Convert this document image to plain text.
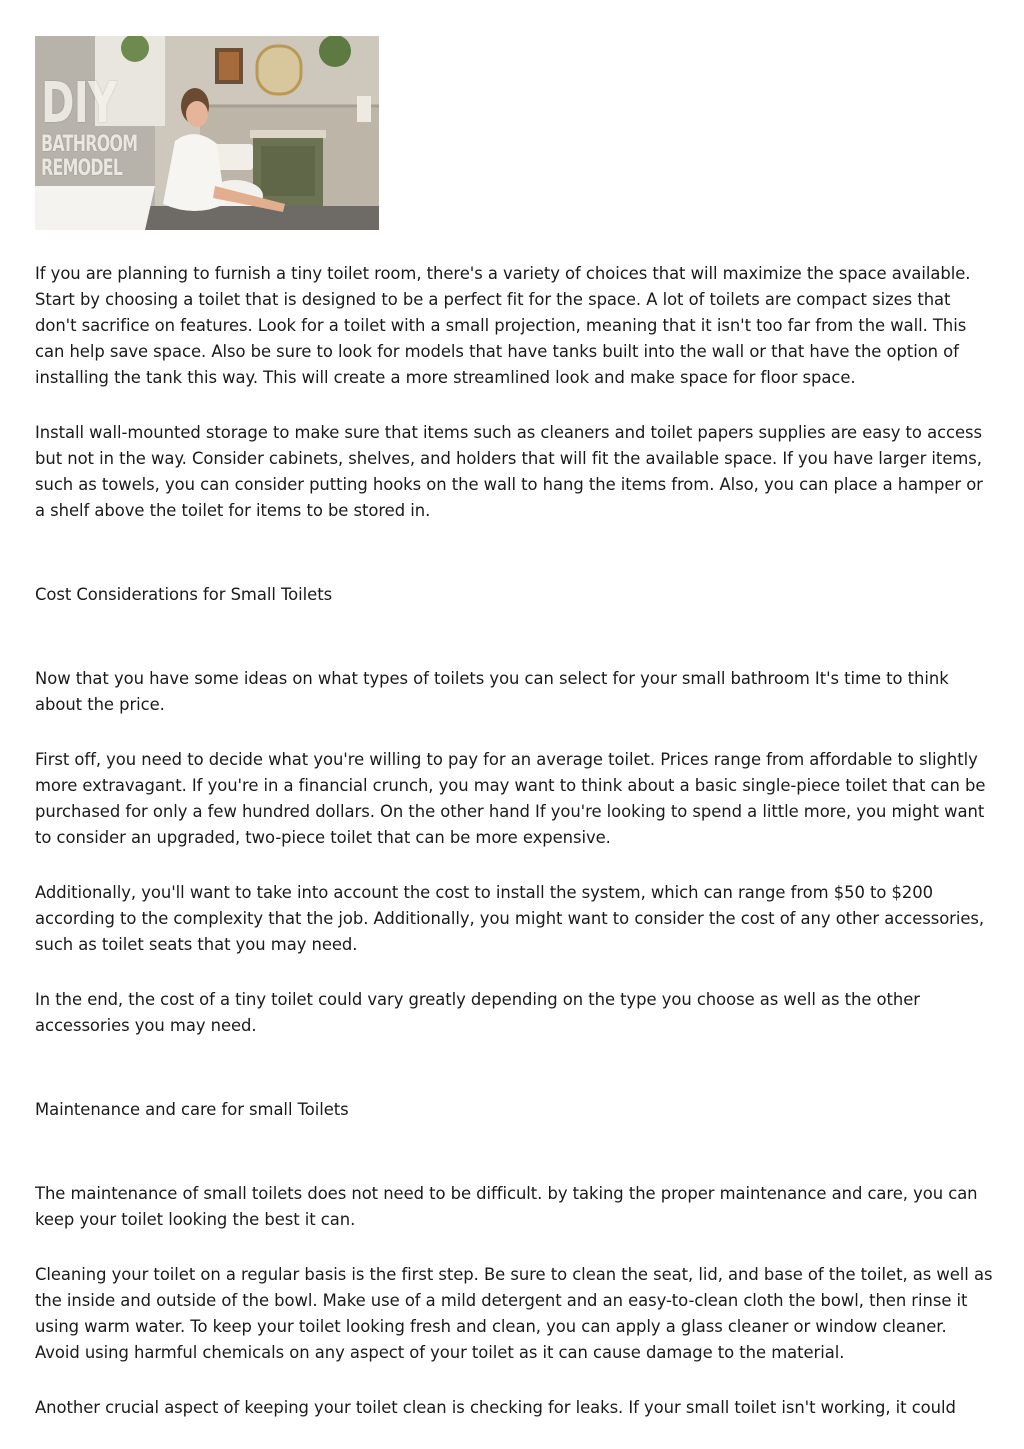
DIY
BATHROOM
REMODEL

If you are planning to furnish a tiny toilet room, there's a variety of choices that will maximize the space available. Start by choosing a toilet that is designed to be a perfect fit for the space. A lot of toilets are compact sizes that don't sacrifice on features. Look for a toilet with a small projection, meaning that it isn't too far from the wall. This can help save space. Also be sure to look for models that have tanks built into the wall or that have the option of installing the tank this way. This will create a more streamlined look and make space for floor space.

Install wall-mounted storage to make sure that items such as cleaners and toilet papers supplies are easy to access but not in the way. Consider cabinets, shelves, and holders that will fit the available space. If you have larger items, such as towels, you can consider putting hooks on the wall to hang the items from. Also, you can place a hamper or a shelf above the toilet for items to be stored in.

Cost Considerations for Small Toilets

Now that you have some ideas on what types of toilets you can select for your small bathroom It's time to think about the price.

First off, you need to decide what you're willing to pay for an average toilet. Prices range from affordable to slightly more extravagant. If you're in a financial crunch, you may want to think about a basic single-piece toilet that can be purchased for only a few hundred dollars. On the other hand If you're looking to spend a little more, you might want to consider an upgraded, two-piece toilet that can be more expensive.

Additionally, you'll want to take into account the cost to install the system, which can range from $50 to $200 according to the complexity that the job. Additionally, you might want to consider the cost of any other accessories, such as toilet seats that you may need.

In the end, the cost of a tiny toilet could vary greatly depending on the type you choose as well as the other accessories you may need.

Maintenance and care for small Toilets

The maintenance of small toilets does not need to be difficult. by taking the proper maintenance and care, you can keep your toilet looking the best it can.

Cleaning your toilet on a regular basis is the first step. Be sure to clean the seat, lid, and base of the toilet, as well as the inside and outside of the bowl. Make use of a mild detergent and an easy-to-clean cloth the bowl, then rinse it using warm water. To keep your toilet looking fresh and clean, you can apply a glass cleaner or window cleaner. Avoid using harmful chemicals on any aspect of your toilet as it can cause damage to the material.

Another crucial aspect of keeping your toilet clean is checking for leaks. If your small toilet isn't working, it could
